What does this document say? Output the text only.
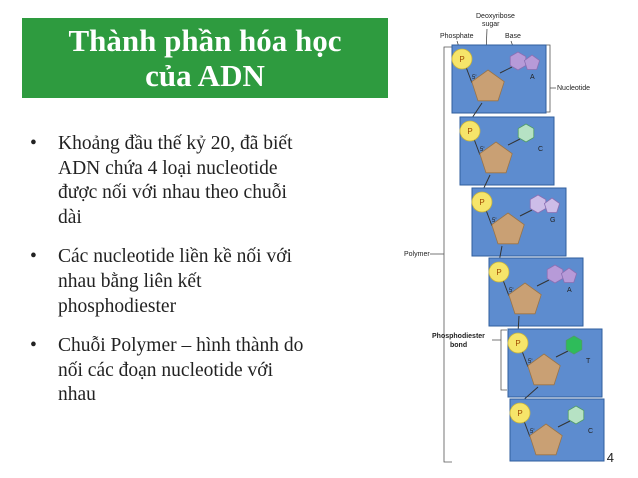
Thành phần hóa học
của ADN
• Khoảng đầu thế kỷ 20, đã biết
ADN chứa 4 loại nucleotide
được nối với nhau theo chuỗi
dài
• Các nucleotide liền kề nối với
nhau bằng liên kết
phosphodiester
• Chuỗi Polymer – hình thành do
nối các đoạn nucleotide với
nhau
Phosphate
Deoxyribose
sugar
Base
Polymer
Nucleotide
Phosphodiester
bond
P
A
5'
P
C
5'
P
G
5'
P
A
5'
P
T
5'
P
C
5'
4
